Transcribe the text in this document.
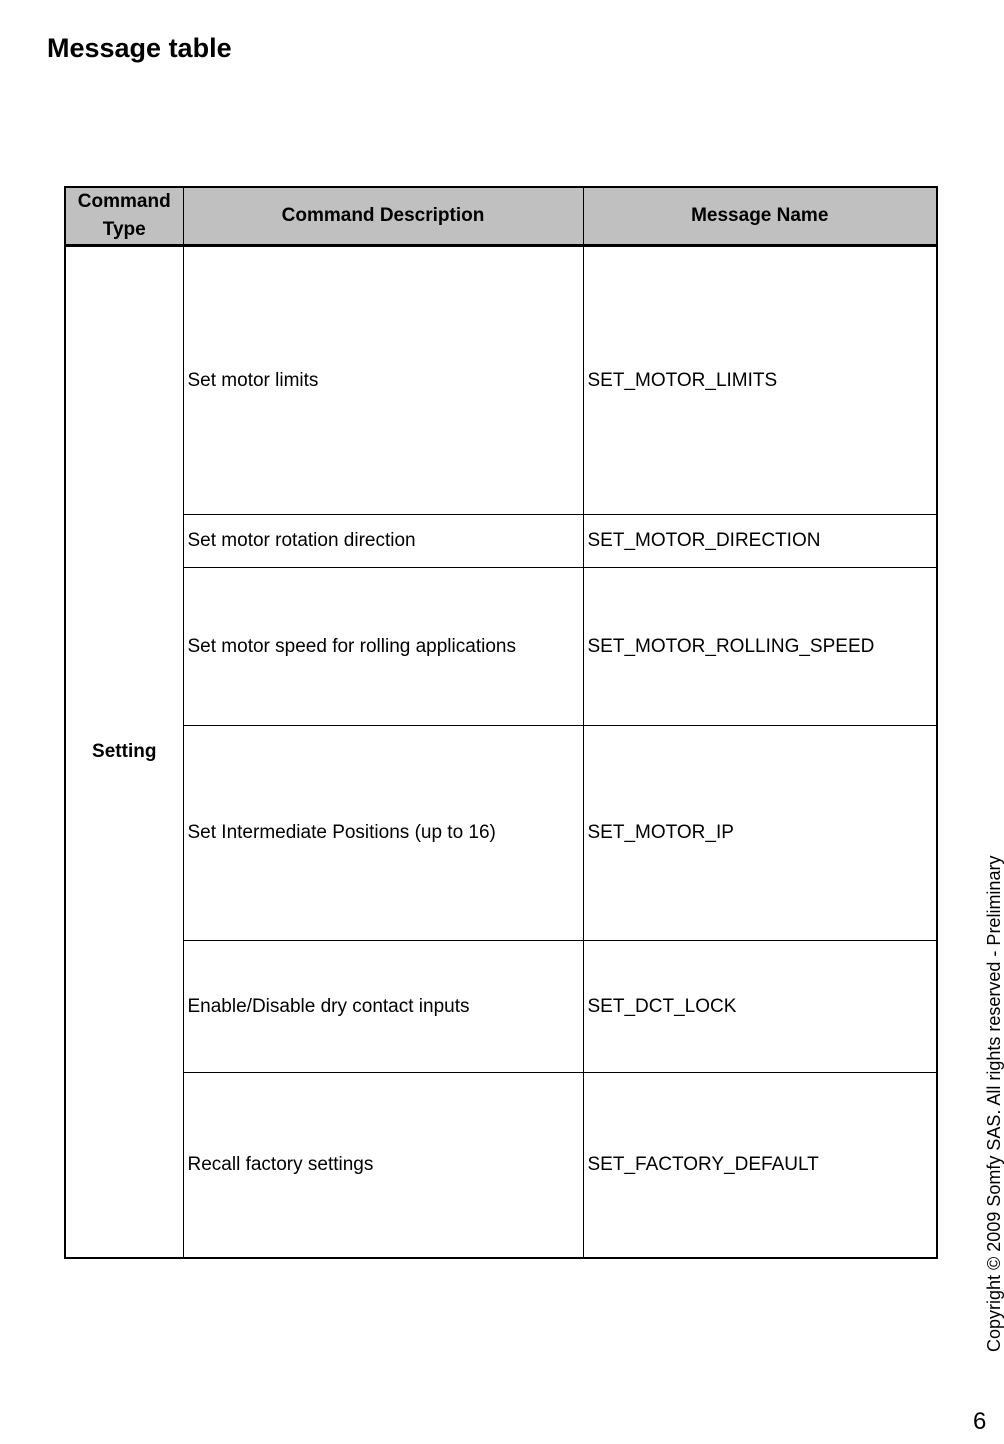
Message table
Command Type	Command Description	Message Name
Setting	Set motor limits	SET_MOTOR_LIMITS
	Set motor rotation direction	SET_MOTOR_DIRECTION
	Set motor speed for rolling applications	SET_MOTOR_ROLLING_SPEED
	Set Intermediate Positions (up to 16)	SET_MOTOR_IP
	Enable/Disable dry contact inputs	SET_DCT_LOCK
	Recall factory settings	SET_FACTORY_DEFAULT	Copyright © 2009 Somfy SAS. All rights reserved - Preliminary
6
